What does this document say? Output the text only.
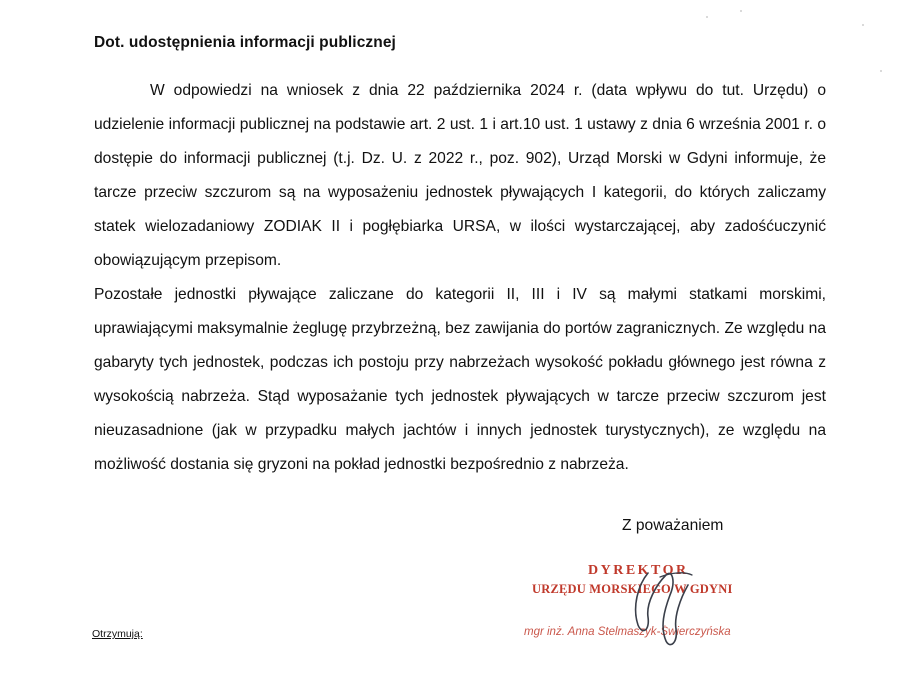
Dot. udostępnienia informacji publicznej

W odpowiedzi na wniosek z dnia 22 października 2024 r. (data wpływu do tut. Urzędu) o udzielenie informacji publicznej na podstawie art. 2 ust. 1 i art.10 ust. 1 ustawy z dnia 6 września 2001 r. o dostępie do informacji publicznej (t.j. Dz. U. z 2022 r., poz. 902), Urząd Morski w Gdyni informuje, że tarcze przeciw szczurom są na wyposażeniu jednostek pływających I kategorii, do których zaliczamy statek wielozadaniowy ZODIAK II i pogłębiarka URSA, w ilości wystarczającej, aby zadośćuczynić obowiązującym przepisom.

Pozostałe jednostki pływające zaliczane do kategorii II, III i IV są małymi statkami morskimi, uprawiającymi maksymalnie żeglugę przybrzeżną, bez zawijania do portów zagranicznych. Ze względu na gabaryty tych jednostek, podczas ich postoju przy nabrzeżach wysokość pokładu głównego jest równa z wysokością nabrzeża. Stąd wyposażanie tych jednostek pływających w tarcze przeciw szczurom jest nieuzasadnione (jak w przypadku małych jachtów i innych jednostek turystycznych), ze względu na możliwość dostania się gryzoni na pokład jednostki bezpośrednio z nabrzeża.

Z poważaniem
DYREKTOR
URZĘDU MORSKIEGO W GDYNI
mgr inż. Anna Stelmaszyk-Świerczyńska
Otrzymują:
